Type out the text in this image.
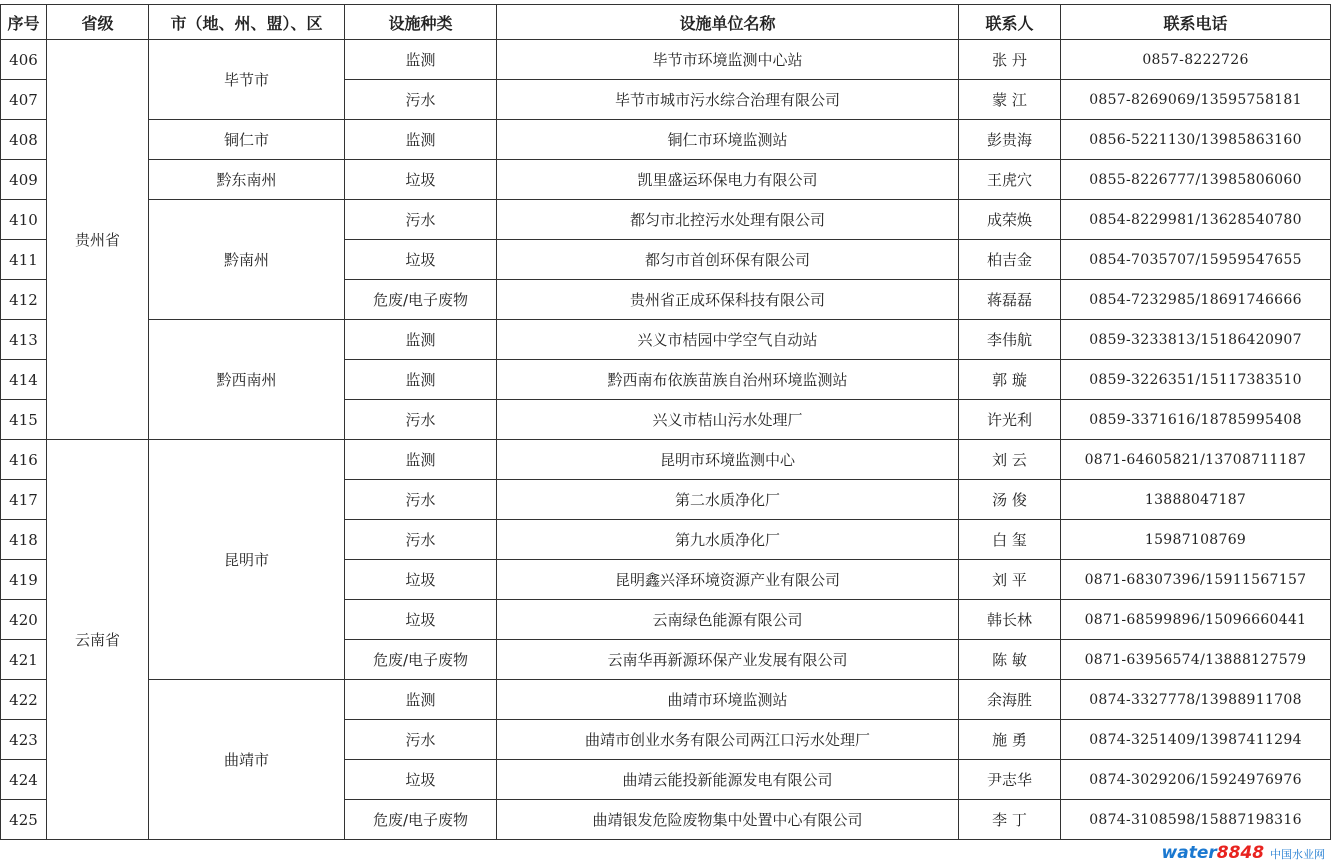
序号	省级	市（地、州、盟）、区	设施种类	设施单位名称	联系人	联系电话
406	贵州省	毕节市	监测	毕节市环境监测中心站	张 丹	0857-8222726
407			污水	毕节市城市污水综合治理有限公司	蒙 江	0857-8269069/13595758181
408		铜仁市	监测	铜仁市环境监测站	彭贵海	0856-5221130/13985863160
409		黔东南州	垃圾	凯里盛运环保电力有限公司	王虎穴	0855-8226777/13985806060
410		黔南州	污水	都匀市北控污水处理有限公司	成荣焕	0854-8229981/13628540780
411			垃圾	都匀市首创环保有限公司	柏吉金	0854-7035707/15959547655
412			危废/电子废物	贵州省正成环保科技有限公司	蒋磊磊	0854-7232985/18691746666
413		黔西南州	监测	兴义市桔园中学空气自动站	李伟航	0859-3233813/15186420907
414			监测	黔西南布依族苗族自治州环境监测站	郭 璇	0859-3226351/15117383510
415			污水	兴义市桔山污水处理厂	许光利	0859-3371616/18785995408
416	云南省	昆明市	监测	昆明市环境监测中心	刘 云	0871-64605821/13708711187
417			污水	第二水质净化厂	汤 俊	13888047187
418			污水	第九水质净化厂	白 玺	15987108769
419			垃圾	昆明鑫兴泽环境资源产业有限公司	刘 平	0871-68307396/15911567157
420			垃圾	云南绿色能源有限公司	韩长林	0871-68599896/15096660441
421			危废/电子废物	云南华再新源环保产业发展有限公司	陈 敏	0871-63956574/13888127579
422		曲靖市	监测	曲靖市环境监测站	余海胜	0874-3327778/13988911708
423			污水	曲靖市创业水务有限公司两江口污水处理厂	施 勇	0874-3251409/13987411294
424			垃圾	曲靖云能投新能源发电有限公司	尹志华	0874-3029206/15924976976
425			危废/电子废物	曲靖银发危险废物集中处置中心有限公司	李 丁	0874-3108598/15887198316
water8848 中国水业网
